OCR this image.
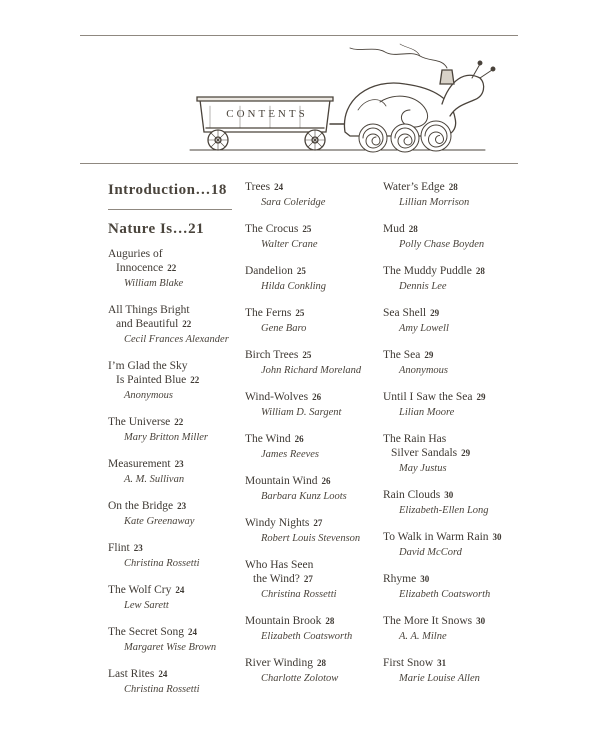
CONTENTS
Introduction…18
Nature Is…21
Auguries of
Innocence 22
William Blake
All Things Bright
and Beautiful 22
Cecil Frances Alexander
I’m Glad the Sky
Is Painted Blue 22
Anonymous
The Universe 22
Mary Britton Miller
Measurement 23
A. M. Sullivan
On the Bridge 23
Kate Greenaway
Flint 23
Christina Rossetti
The Wolf Cry 24
Lew Sarett
The Secret Song 24
Margaret Wise Brown
Last Rites 24
Christina Rossetti
Trees 24
Sara Coleridge
The Crocus 25
Walter Crane
Dandelion 25
Hilda Conkling
The Ferns 25
Gene Baro
Birch Trees 25
John Richard Moreland
Wind-Wolves 26
William D. Sargent
The Wind 26
James Reeves
Mountain Wind 26
Barbara Kunz Loots
Windy Nights 27
Robert Louis Stevenson
Who Has Seen
the Wind? 27
Christina Rossetti
Mountain Brook 28
Elizabeth Coatsworth
River Winding 28
Charlotte Zolotow
Water’s Edge 28
Lillian Morrison
Mud 28
Polly Chase Boyden
The Muddy Puddle 28
Dennis Lee
Sea Shell 29
Amy Lowell
The Sea 29
Anonymous
Until I Saw the Sea 29
Lilian Moore
The Rain Has
Silver Sandals 29
May Justus
Rain Clouds 30
Elizabeth-Ellen Long
To Walk in Warm Rain 30
David McCord
Rhyme 30
Elizabeth Coatsworth
The More It Snows 30
A. A. Milne
First Snow 31
Marie Louise Allen
